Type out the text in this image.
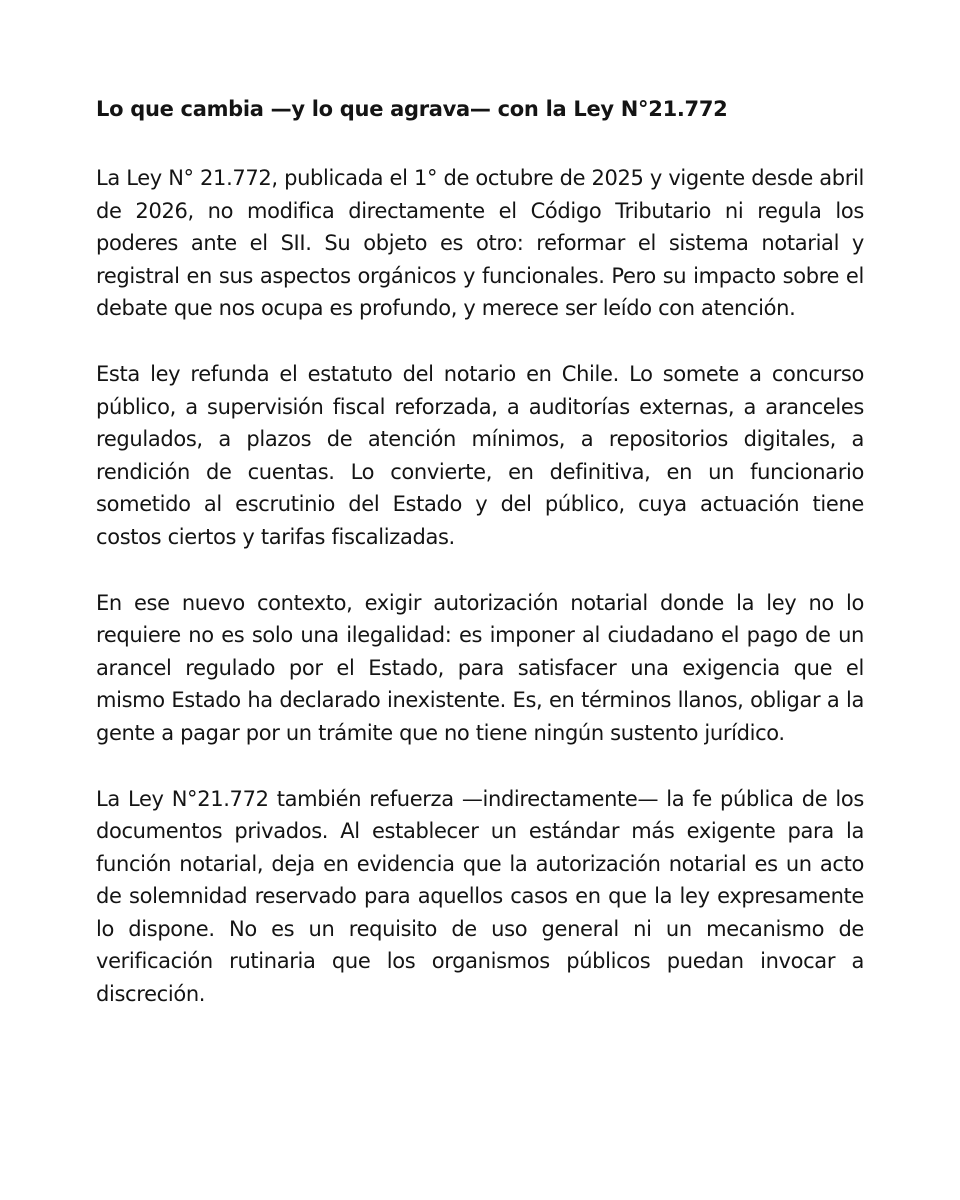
Lo que cambia —y lo que agrava— con la Ley N°21.772

La Ley N° 21.772, publicada el 1° de octubre de 2025 y vigente desde abril de 2026, no modifica directamente el Código Tributario ni regula los poderes ante el SII. Su objeto es otro: reformar el sistema notarial y registral en sus aspectos orgánicos y funcionales. Pero su impacto sobre el debate que nos ocupa es profundo, y merece ser leído con atención.

Esta ley refunda el estatuto del notario en Chile. Lo somete a concurso público, a supervisión fiscal reforzada, a auditorías externas, a aranceles regulados, a plazos de atención mínimos, a repositorios digitales, a rendición de cuentas. Lo convierte, en definitiva, en un funcionario sometido al escrutinio del Estado y del público, cuya actuación tiene costos ciertos y tarifas fiscalizadas.

En ese nuevo contexto, exigir autorización notarial donde la ley no lo requiere no es solo una ilegalidad: es imponer al ciudadano el pago de un arancel regulado por el Estado, para satisfacer una exigencia que el mismo Estado ha declarado inexistente. Es, en términos llanos, obligar a la gente a pagar por un trámite que no tiene ningún sustento jurídico.

La Ley N°21.772 también refuerza —indirectamente— la fe pública de los documentos privados. Al establecer un estándar más exigente para la función notarial, deja en evidencia que la autorización notarial es un acto de solemnidad reservado para aquellos casos en que la ley expresamente lo dispone. No es un requisito de uso general ni un mecanismo de verificación rutinaria que los organismos públicos puedan invocar a discreción.
